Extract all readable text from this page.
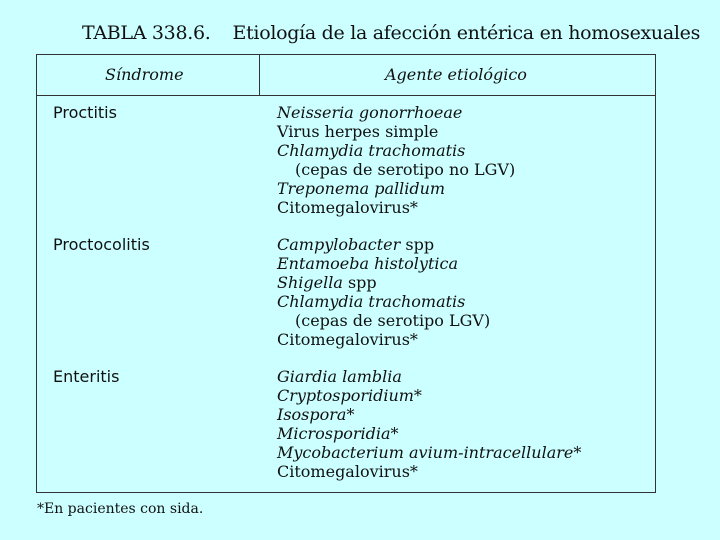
TABLA 338.6. Etiología de la afección entérica en homosexuales
Síndrome	Agente etiológico
Proctitis	Neisseria gonorrhoeae
Virus herpes simple
Chlamydia trachomatis
(cepas de serotipo no LGV)
Treponema pallidum
Citomegalovirus*
Proctocolitis	Campylobacter spp
Entamoeba histolytica
Shigella spp
Chlamydia trachomatis
(cepas de serotipo LGV)
Citomegalovirus*
Enteritis	Giardia lamblia
Cryptosporidium*
Isospora*
Microsporidia*
Mycobacterium avium-intracellulare*
Citomegalovirus*
*En pacientes con sida.
